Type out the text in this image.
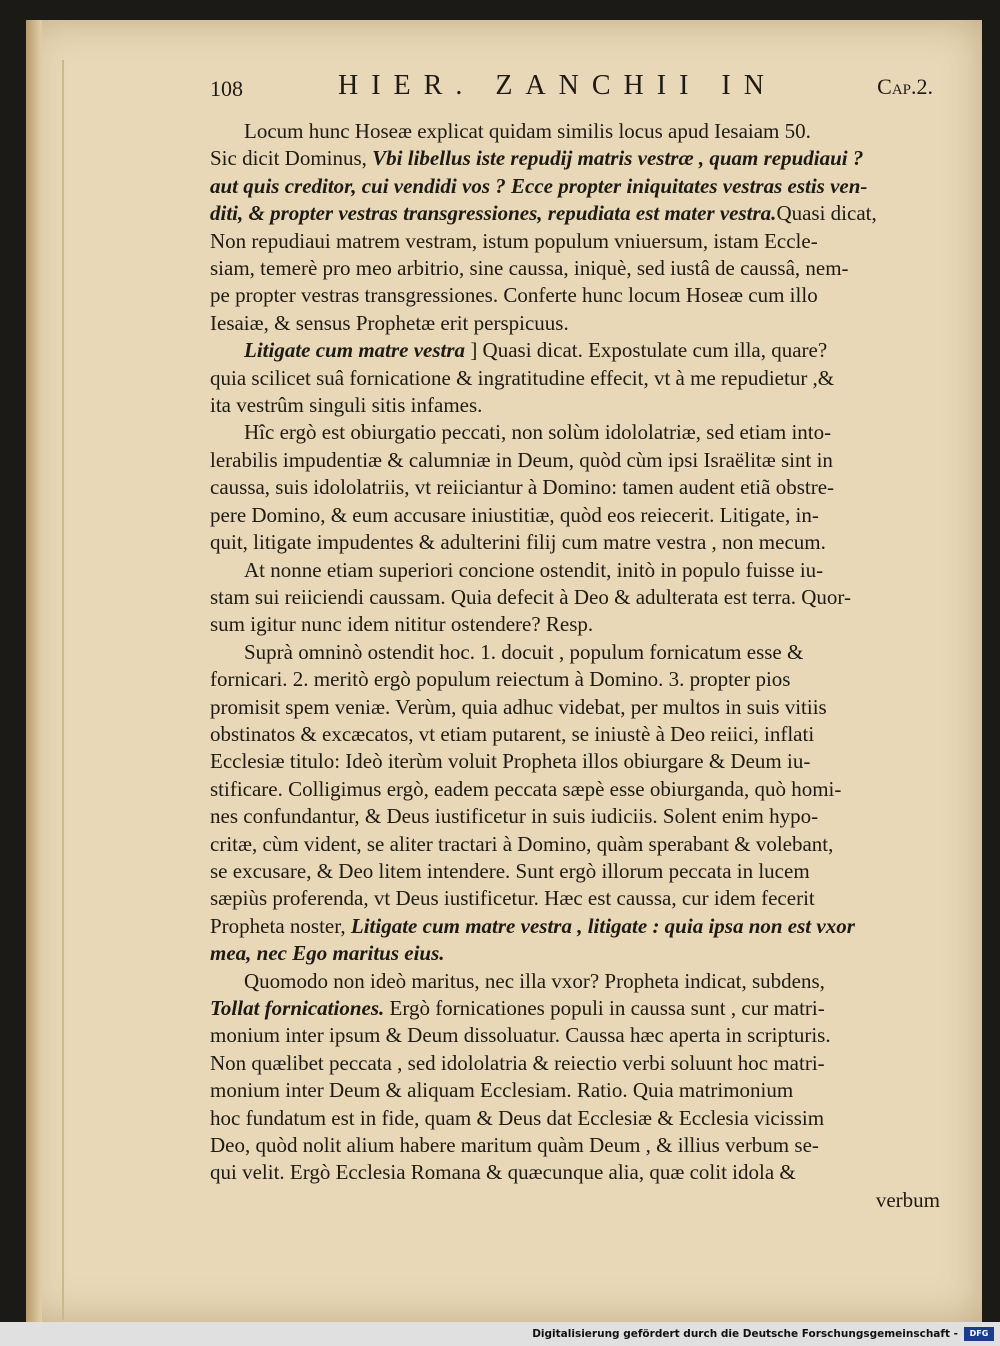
108	HIER. ZANCHII IN	Cap.2.
Locum hunc Hoseæ explicat quidam similis locus apud Iesaiam 50.
Sic dicit Dominus, Vbi libellus iste repudij matris vestræ , quam repudiaui ?
aut quis creditor, cui vendidi vos ? Ecce propter iniquitates vestras estis ven-
diti, & propter vestras transgressiones, repudiata est mater vestra.Quasi dicat,
Non repudiaui matrem vestram, istum populum vniuersum, istam Eccle-
siam, temerè pro meo arbitrio, sine caussa, iniquè, sed iustâ de caussâ, nem-
pe propter vestras transgressiones. Conferte hunc locum Hoseæ cum illo
Iesaiæ, & sensus Prophetæ erit perspicuus.
Litigate cum matre vestra ] Quasi dicat. Expostulate cum illa, quare?
quia scilicet suâ fornicatione & ingratitudine effecit, vt à me repudietur ,&
ita vestrûm singuli sitis infames.
Hîc ergò est obiurgatio peccati, non solùm idololatriæ, sed etiam into-
lerabilis impudentiæ & calumniæ in Deum, quòd cùm ipsi Israëlitæ sint in
caussa, suis idololatriis, vt reiiciantur à Domino: tamen audent etiã obstre-
pere Domino, & eum accusare iniustitiæ, quòd eos reiecerit. Litigate, in-
quit, litigate impudentes & adulterini filij cum matre vestra , non mecum.
At nonne etiam superiori concione ostendit, initò in populo fuisse iu-
stam sui reiiciendi caussam. Quia defecit à Deo & adulterata est terra. Quor-
sum igitur nunc idem nititur ostendere? Resp.
Suprà omninò ostendit hoc. 1. docuit , populum fornicatum esse &
fornicari. 2. meritò ergò populum reiectum à Domino. 3. propter pios
promisit spem veniæ. Verùm, quia adhuc videbat, per multos in suis vitiis
obstinatos & excæcatos, vt etiam putarent, se iniustè à Deo reiici, inflati
Ecclesiæ titulo: Ideò iterùm voluit Propheta illos obiurgare & Deum iu-
stificare. Colligimus ergò, eadem peccata sæpè esse obiurganda, quò homi-
nes confundantur, & Deus iustificetur in suis iudiciis. Solent enim hypo-
critæ, cùm vident, se aliter tractari à Domino, quàm sperabant & volebant,
se excusare, & Deo litem intendere. Sunt ergò illorum peccata in lucem
sæpiùs proferenda, vt Deus iustificetur. Hæc est caussa, cur idem fecerit
Propheta noster, Litigate cum matre vestra , litigate : quia ipsa non est vxor
mea, nec Ego maritus eius.
Quomodo non ideò maritus, nec illa vxor? Propheta indicat, subdens,
Tollat fornicationes. Ergò fornicationes populi in caussa sunt , cur matri-
monium inter ipsum & Deum dissoluatur. Caussa hæc aperta in scripturis.
Non quælibet peccata , sed idololatria & reiectio verbi soluunt hoc matri-
monium inter Deum & aliquam Ecclesiam. Ratio. Quia matrimonium
hoc fundatum est in fide, quam & Deus dat Ecclesiæ & Ecclesia vicissim
Deo, quòd nolit alium habere maritum quàm Deum , & illius verbum se-
qui velit. Ergò Ecclesia Romana & quæcunque alia, quæ colit idola &
verbum
Digitalisierung gefördert durch die Deutsche Forschungsgemeinschaft -	DFG
